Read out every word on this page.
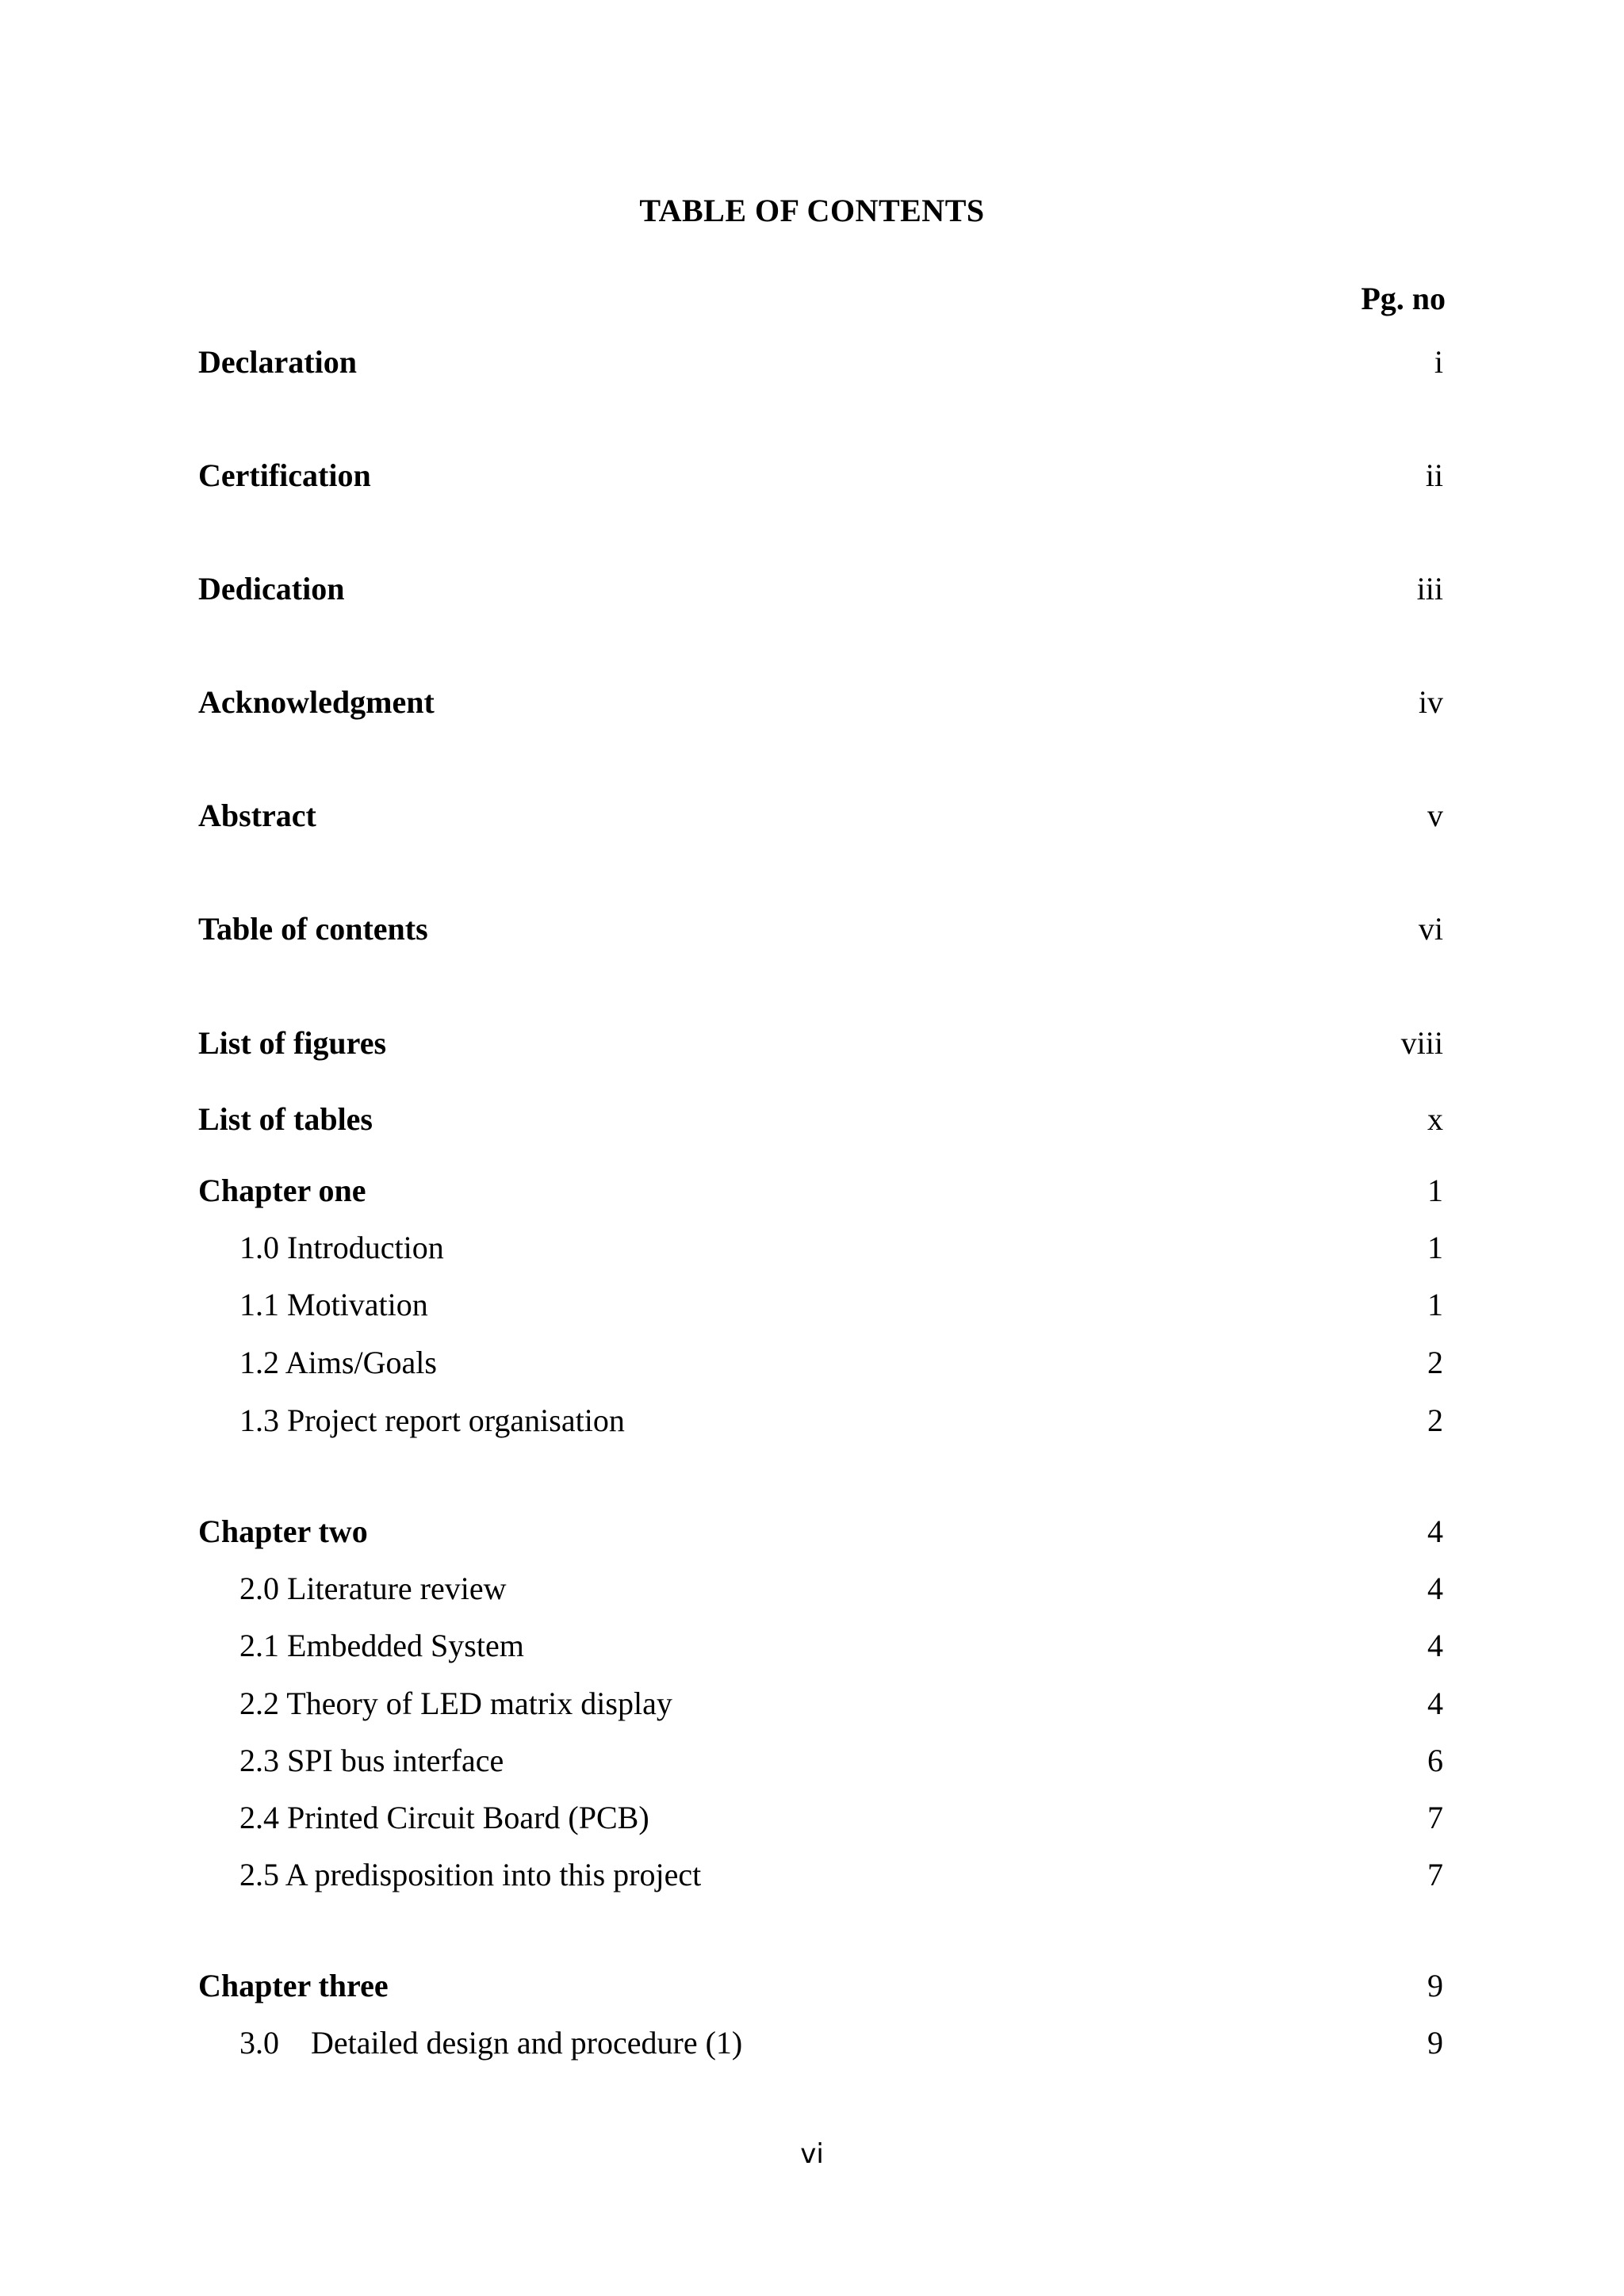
TABLE OF CONTENTS
Pg. no
Declaration	i
Certification	ii
Dedication	iii
Acknowledgment	iv
Abstract	v
Table of contents	vi
List of figures	viii
List of tables	x
Chapter one	1
1.0 Introduction	1
1.1 Motivation	1
1.2 Aims/Goals	2
1.3 Project report organisation	2
Chapter two	4
2.0 Literature review	4
2.1 Embedded System	4
2.2 Theory of LED matrix display	4
2.3 SPI bus interface	6
2.4 Printed Circuit Board (PCB)	7
2.5 A predisposition into this project	7
Chapter three	9
3.0    Detailed design and procedure (1)	9
vi
